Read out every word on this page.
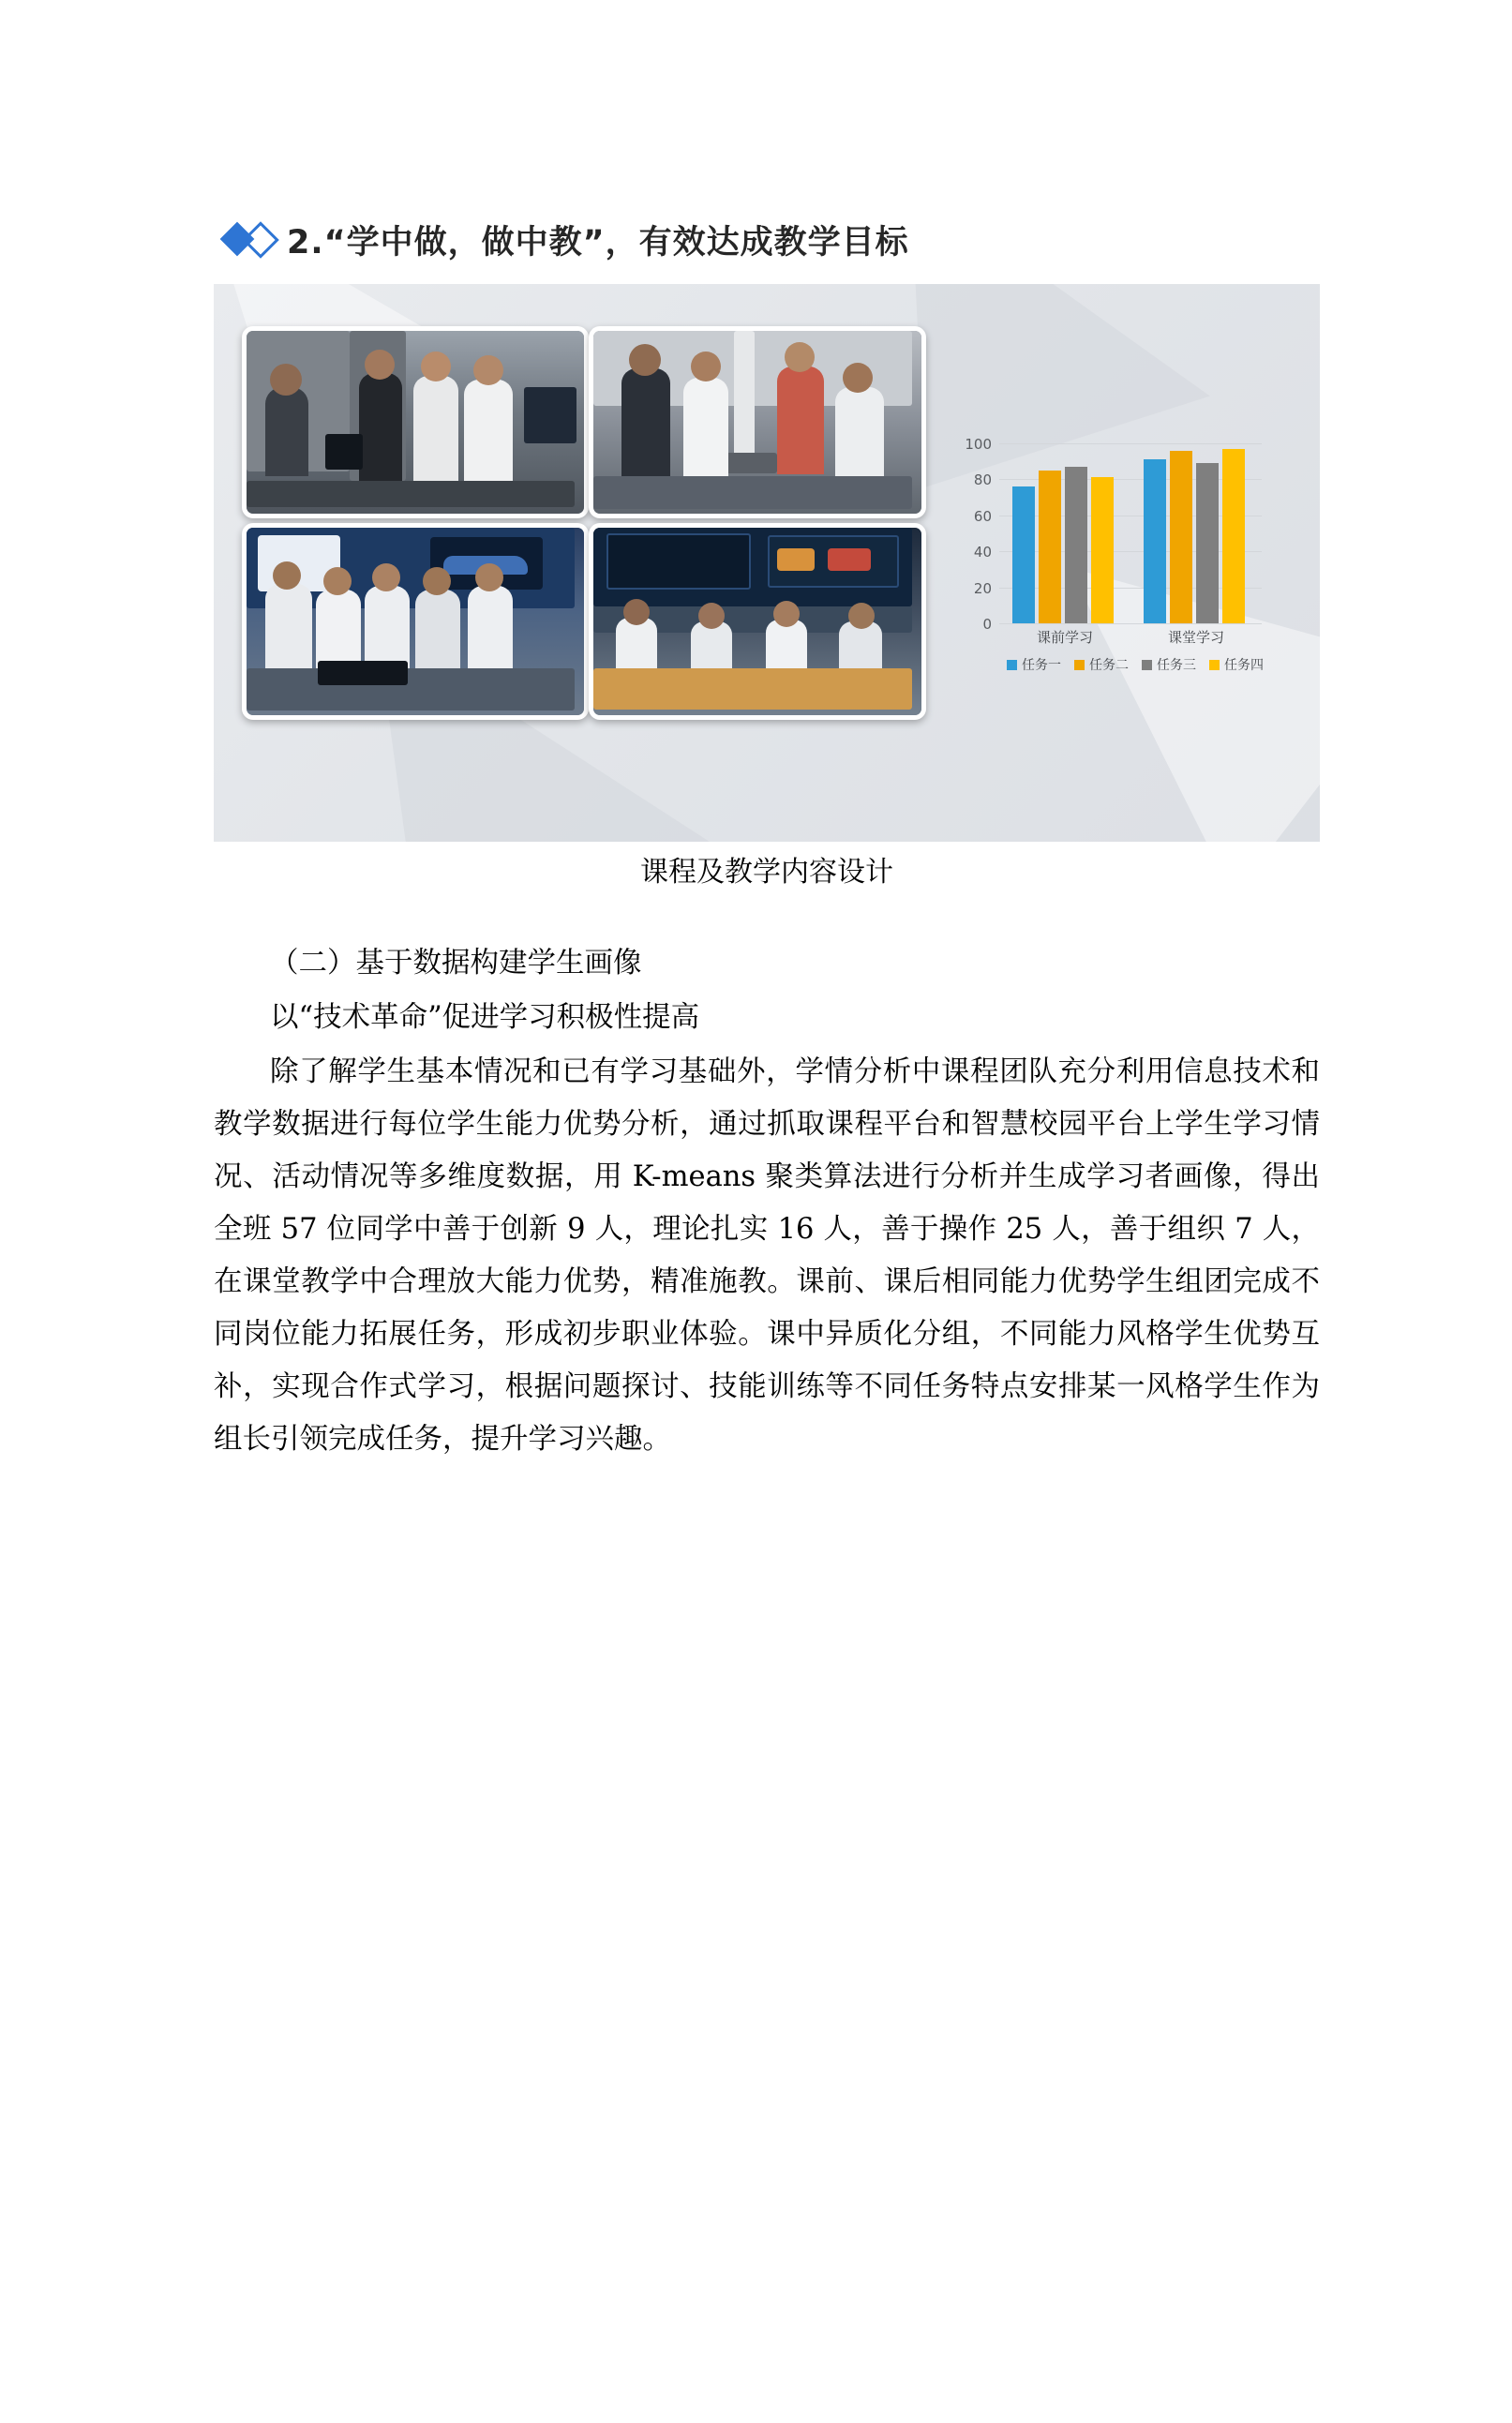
2.“学中做，做中教”，有效达成教学目标
0
20
40
60
80
100
课前学习	课堂学习
任务一 任务二 任务三 任务四
课程及教学内容设计

（二）基于数据构建学生画像

以“技术革命”促进学习积极性提高

除了解学生基本情况和已有学习基础外，学情分析中课程团队充分利用信息技术和教学数据进行每位学生能力优势分析，通过抓取课程平台和智慧校园平台上学生学习情况、活动情况等多维度数据，用 K-means 聚类算法进行分析并生成学习者画像，得出全班 57 位同学中善于创新 9 人，理论扎实 16 人，善于操作 25 人，善于组织 7 人，在课堂教学中合理放大能力优势，精准施教。课前、课后相同能力优势学生组团完成不同岗位能力拓展任务，形成初步职业体验。课中异质化分组，不同能力风格学生优势互补，实现合作式学习，根据问题探讨、技能训练等不同任务特点安排某一风格学生作为组长引领完成任务，提升学习兴趣。
